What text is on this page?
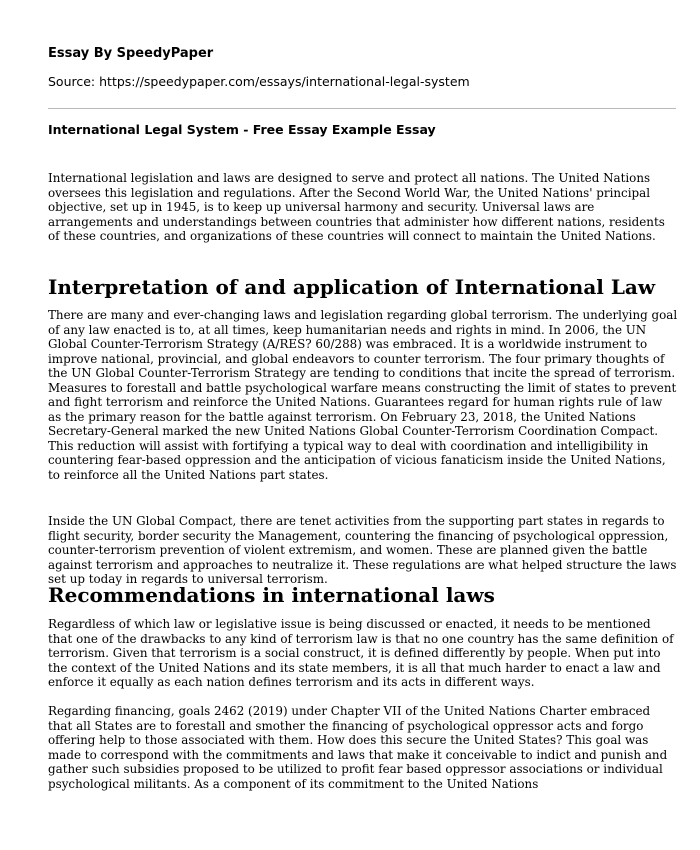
Essay By SpeedyPaper
Source: https://speedypaper.com/essays/international-legal-system
International Legal System - Free Essay Example Essay

International legislation and laws are designed to serve and protect all nations. The United Nations oversees this legislation and regulations. After the Second World War, the United Nations' principal objective, set up in 1945, is to keep up universal harmony and security. Universal laws are arrangements and understandings between countries that administer how different nations, residents of these countries, and organizations of these countries will connect to maintain the United Nations.

Interpretation of and application of International Law

There are many and ever-changing laws and legislation regarding global terrorism. The underlying goal of any law enacted is to, at all times, keep humanitarian needs and rights in mind. In 2006, the UN Global Counter-Terrorism Strategy (A/RES? 60/288) was embraced. It is a worldwide instrument to improve national, provincial, and global endeavors to counter terrorism. The four primary thoughts of the UN Global Counter-Terrorism Strategy are tending to conditions that incite the spread of terrorism. Measures to forestall and battle psychological warfare means constructing the limit of states to prevent and fight terrorism and reinforce the United Nations. Guarantees regard for human rights rule of law as the primary reason for the battle against terrorism. On February 23, 2018, the United Nations Secretary-General marked the new United Nations Global Counter-Terrorism Coordination Compact. This reduction will assist with fortifying a typical way to deal with coordination and intelligibility in countering fear-based oppression and the anticipation of vicious fanaticism inside the United Nations, to reinforce all the United Nations part states.

Inside the UN Global Compact, there are tenet activities from the supporting part states in regards to flight security, border security the Management, countering the financing of psychological oppression, counter-terrorism prevention of violent extremism, and women. These are planned given the battle against terrorism and approaches to neutralize it. These regulations are what helped structure the laws set up today in regards to universal terrorism.

Recommendations in international laws

Regardless of which law or legislative issue is being discussed or enacted, it needs to be mentioned that one of the drawbacks to any kind of terrorism law is that no one country has the same definition of terrorism. Given that terrorism is a social construct, it is defined differently by people. When put into the context of the United Nations and its state members, it is all that much harder to enact a law and enforce it equally as each nation defines terrorism and its acts in different ways.

Regarding financing, goals 2462 (2019) under Chapter VII of the United Nations Charter embraced that all States are to forestall and smother the financing of psychological oppressor acts and forgo offering help to those associated with them. How does this secure the United States? This goal was made to correspond with the commitments and laws that make it conceivable to indict and punish and gather such subsidies proposed to be utilized to profit fear based oppressor associations or individual psychological militants. As a component of its commitment to the United Nations
